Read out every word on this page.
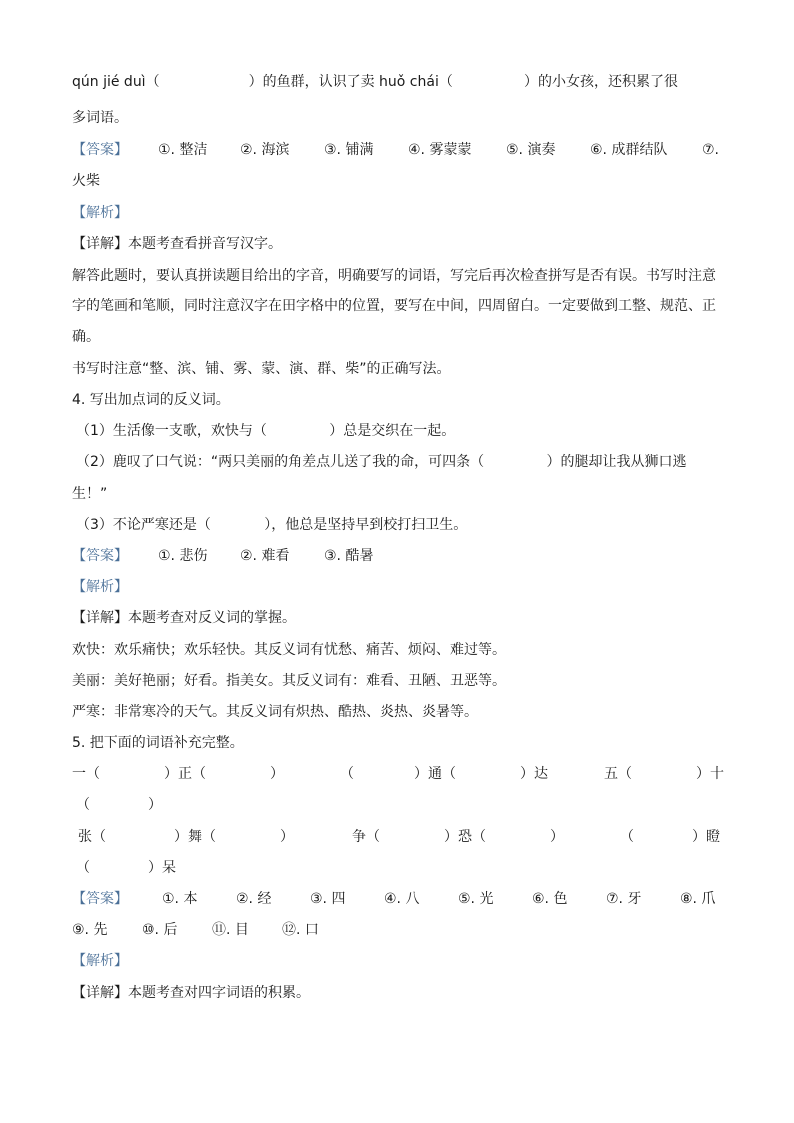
qún jié duì（                    ）的鱼群，认识了卖 huǒ chái（                ）的小女孩，还积累了很
多词语。
【答案】 ①. 整洁 ②. 海滨 ③. 铺满 ④. 雾蒙蒙 ⑤. 演奏 ⑥. 成群结队 ⑦.
火柴
【解析】
【详解】本题考查看拼音写汉字。
解答此题时，要认真拼读题目给出的字音，明确要写的词语，写完后再次检查拼写是否有误。书写时注意
字的笔画和笔顺，同时注意汉字在田字格中的位置，要写在中间，四周留白。一定要做到工整、规范、正
确。
书写时注意“整、滨、铺、雾、蒙、演、群、柴”的正确写法。
4. 写出加点词的反义词。
（1）生活像一支歌，欢快与（              ）总是交织在一起。
（2）鹿叹了口气说：“两只美丽的角差点儿送了我的命，可四条（              ）的腿却让我从狮口逃
生！”
（3）不论严寒还是（            ），他总是坚持早到校打扫卫生。
【答案】 ①. 悲伤 ②. 难看 ③. 酷暑
【解析】
【详解】本题考查对反义词的掌握。
欢快：欢乐痛快；欢乐轻快。其反义词有忧愁、痛苦、烦闷、难过等。
美丽：美好艳丽；好看。指美女。其反义词有：难看、丑陋、丑恶等。
严寒：非常寒冷的天气。其反义词有炽热、酷热、炎热、炎暑等。
5. 把下面的词语补充完整。
一（	）正（	）	（	）通（	）达	五（	）十
（	）
张（	）舞（	）	争（	）恐（	）	（	）瞪
（	）呆
【答案】 ①. 本	②. 经	③. 四	④. 八	⑤. 光	⑥. 色	⑦. 牙	⑧. 爪
⑨. 先 ⑩. 后 ⑪. 目 ⑫. 口
【解析】
【详解】本题考查对四字词语的积累。
